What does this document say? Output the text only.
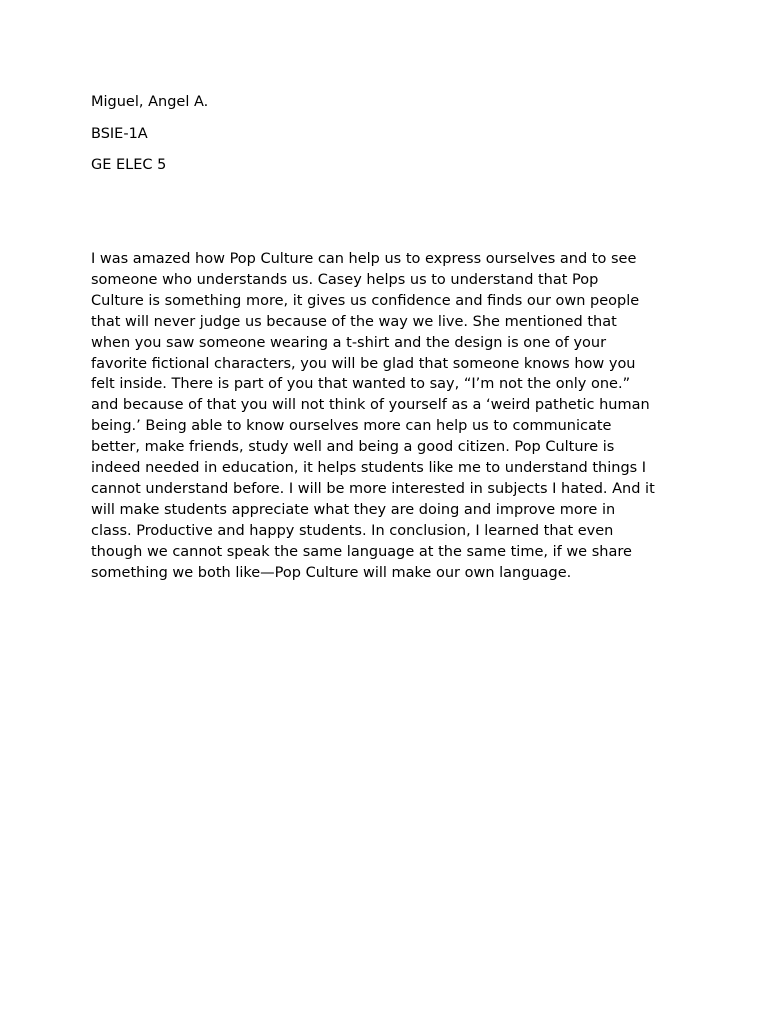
Miguel, Angel A.
BSIE-1A
GE ELEC 5
I was amazed how Pop Culture can help us to express ourselves and to see
someone who understands us. Casey helps us to understand that Pop
Culture is something more, it gives us confidence and finds our own people
that will never judge us because of the way we live. She mentioned that
when you saw someone wearing a t-shirt and the design is one of your
favorite fictional characters, you will be glad that someone knows how you
felt inside. There is part of you that wanted to say, “I’m not the only one.”
and because of that you will not think of yourself as a ‘weird pathetic human
being.’ Being able to know ourselves more can help us to communicate
better, make friends, study well and being a good citizen. Pop Culture is
indeed needed in education, it helps students like me to understand things I
cannot understand before. I will be more interested in subjects I hated. And it
will make students appreciate what they are doing and improve more in
class. Productive and happy students. In conclusion, I learned that even
though we cannot speak the same language at the same time, if we share
something we both like—Pop Culture will make our own language.
